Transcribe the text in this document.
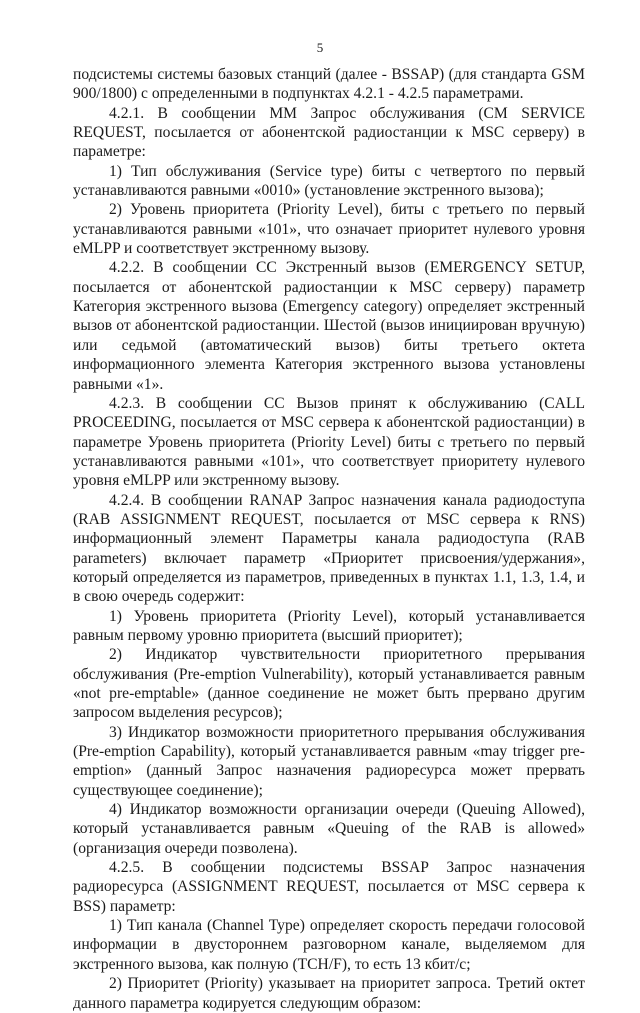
5

подсистемы системы базовых станций (далее - BSSAP) (для стандарта GSM 900/1800) с определенными в подпунктах 4.2.1 - 4.2.5 параметрами.

4.2.1. В сообщении ММ Запрос обслуживания (CM SERVICE REQUEST, посылается от абонентской радиостанции к MSC серверу) в параметре:

1) Тип обслуживания (Service type) биты с четвертого по первый устанавливаются равными «0010» (установление экстренного вызова);

2) Уровень приоритета (Priority Level), биты с третьего по первый устанавливаются равными «101», что означает приоритет нулевого уровня eMLPP и соответствует экстренному вызову.

4.2.2. В сообщении СС Экстренный вызов (EMERGENCY SETUP, посылается от абонентской радиостанции к MSC серверу) параметр Категория экстренного вызова (Emergency category) определяет экстренный вызов от абонентской радиостанции. Шестой (вызов инициирован вручную) или седьмой (автоматический вызов) биты третьего октета информационного элемента Категория экстренного вызова установлены равными «1».

4.2.3. В сообщении СС Вызов принят к обслуживанию (CALL PROCEEDING, посылается от MSC сервера к абонентской радиостанции) в параметре Уровень приоритета (Priority Level) биты с третьего по первый устанавливаются равными «101», что соответствует приоритету нулевого уровня eMLPP или экстренному вызову.

4.2.4. В сообщении RANAP Запрос назначения канала радиодоступа (RAB ASSIGNMENT REQUEST, посылается от MSC сервера к RNS) информационный элемент Параметры канала радиодоступа (RAB parameters) включает параметр «Приоритет присвоения/удержания», который определяется из параметров, приведенных в пунктах 1.1, 1.3, 1.4, и в свою очередь содержит:

1) Уровень приоритета (Priority Level), который устанавливается равным первому уровню приоритета (высший приоритет);

2) Индикатор чувствительности приоритетного прерывания обслуживания (Pre-emption Vulnerability), который устанавливается равным «not pre-emptable» (данное соединение не может быть прервано другим запросом выделения ресурсов);

3) Индикатор возможности приоритетного прерывания обслуживания (Pre-emption Capability), который устанавливается равным «may trigger pre-emption» (данный Запрос назначения радиоресурса может прервать существующее соединение);

4) Индикатор возможности организации очереди (Queuing Allowed), который устанавливается равным «Queuing of the RAB is allowed» (организация очереди позволена).

4.2.5. В сообщении подсистемы BSSAP Запрос назначения радиоресурса (ASSIGNMENT REQUEST, посылается от MSC сервера к BSS) параметр:

1) Тип канала (Channel Type) определяет скорость передачи голосовой информации в двустороннем разговорном канале, выделяемом для экстренного вызова, как полную (TCH/F), то есть 13 кбит/с;

2) Приоритет (Priority) указывает на приоритет запроса. Третий октет данного параметра кодируется следующим образом:
